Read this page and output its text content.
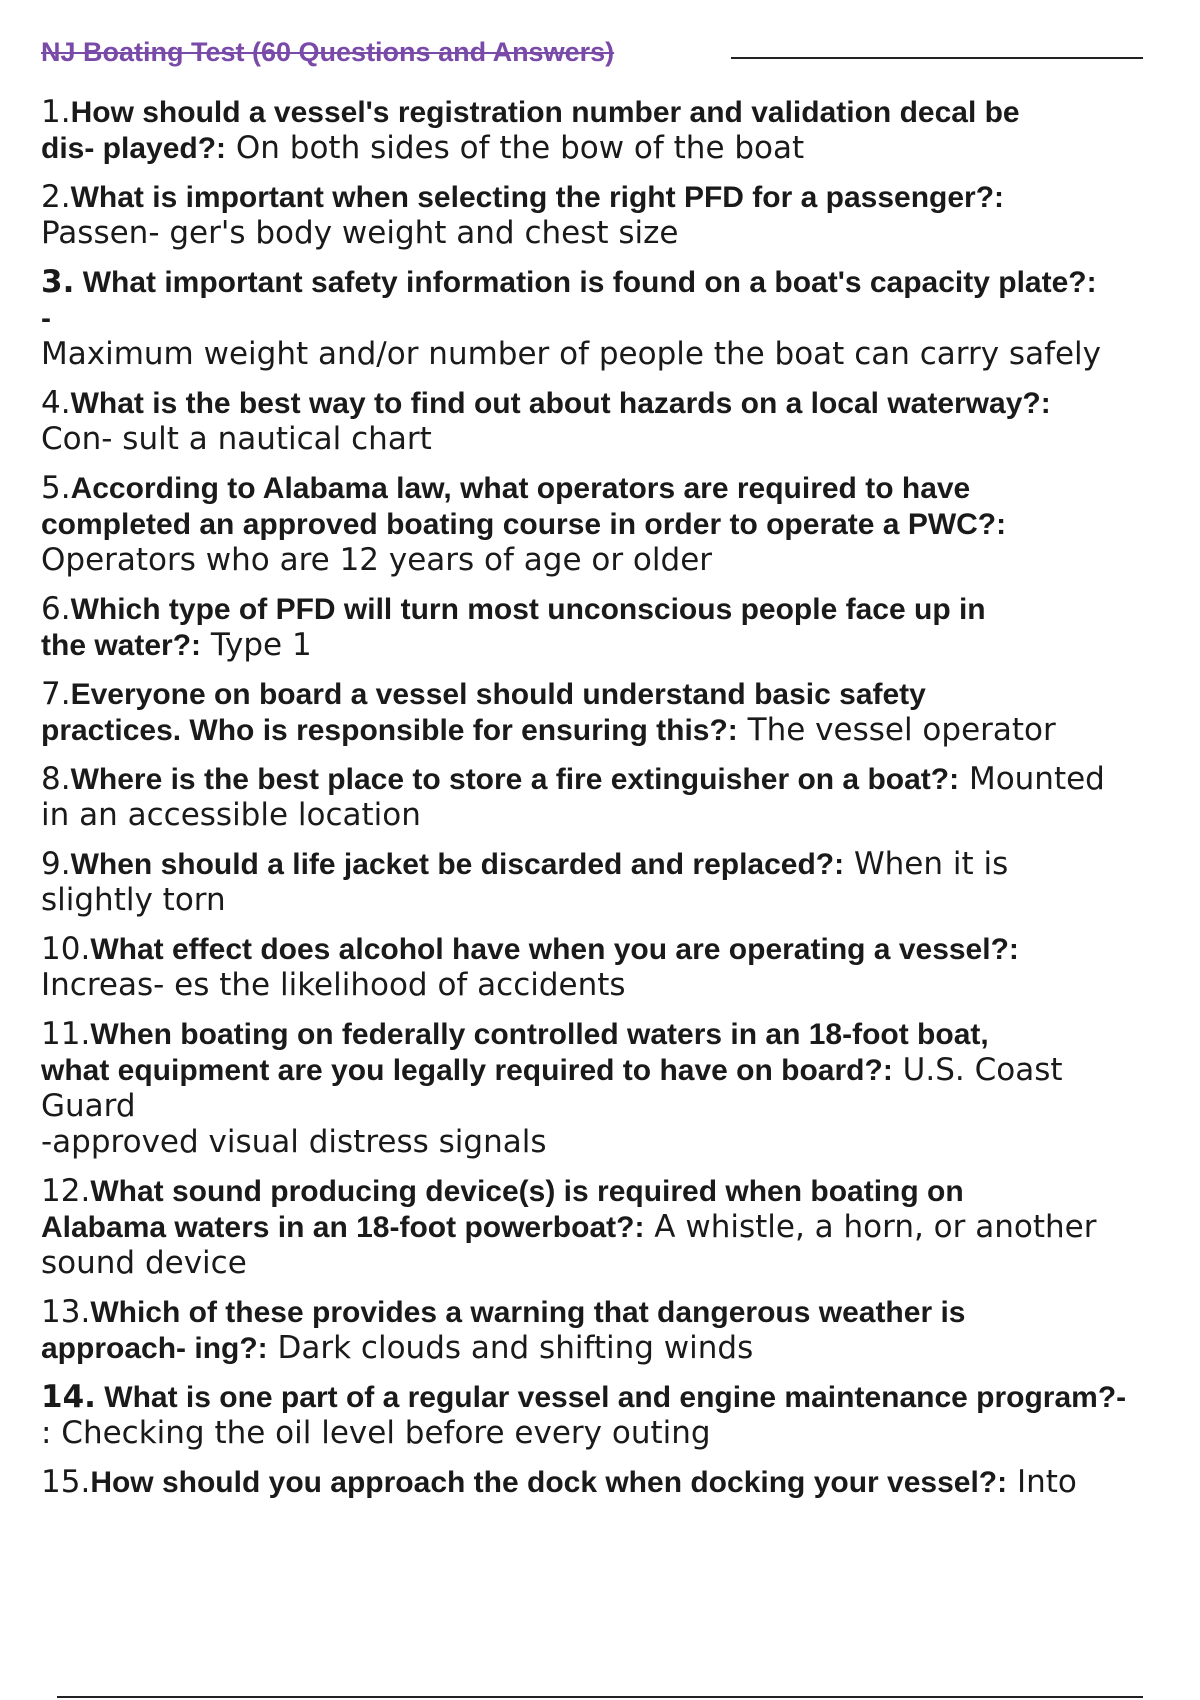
NJ Boating Test (60 Questions and Answers)
1.How should a vessel's registration number and validation decal be
dis- played?: On both sides of the bow of the boat
2.What is important when selecting the right PFD for a passenger?:
Passen- ger's body weight and chest size
3. What important safety information is found on a boat's capacity plate?:
-
Maximum weight and/or number of people the boat can carry safely
4.What is the best way to find out about hazards on a local waterway?:
Con- sult a nautical chart
5.According to Alabama law, what operators are required to have
completed an approved boating course in order to operate a PWC?:
Operators who are 12 years of age or older
6.Which type of PFD will turn most unconscious people face up in
the water?: Type 1
7.Everyone on board a vessel should understand basic safety
practices. Who is responsible for ensuring this?: The vessel operator
8.Where is the best place to store a fire extinguisher on a boat?: Mounted
in an accessible location
9.When should a life jacket be discarded and replaced?: When it is
slightly torn
10.What effect does alcohol have when you are operating a vessel?:
Increas- es the likelihood of accidents
11.When boating on federally controlled waters in an 18-foot boat,
what equipment are you legally required to have on board?: U.S. Coast
Guard
-approved visual distress signals
12.What sound producing device(s) is required when boating on
Alabama waters in an 18-foot powerboat?: A whistle, a horn, or another
sound device
13.Which of these provides a warning that dangerous weather is
approach- ing?: Dark clouds and shifting winds
14. What is one part of a regular vessel and engine maintenance program?-
: Checking the oil level before every outing
15.How should you approach the dock when docking your vessel?: Into
